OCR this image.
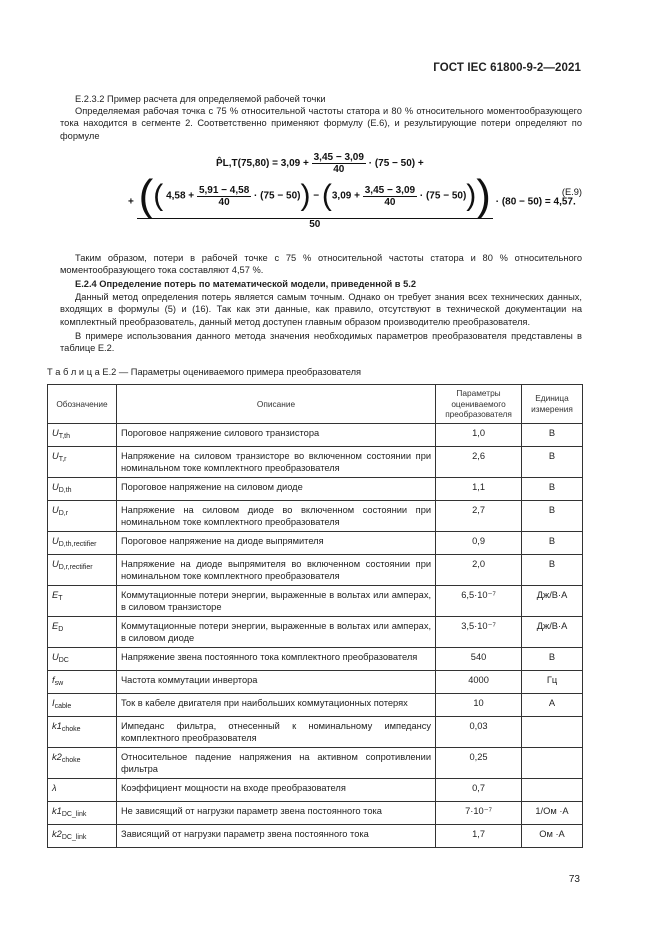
ГОСТ IEC 61800-9-2—2021
E.2.3.2 Пример расчета для определяемой рабочей точки
Определяемая рабочая точка с 75 % относительной частоты статора и 80 % относительного моментообразующего тока находится в сегменте 2. Соответственно применяют формулу (E.6), и результирующие потери определяют по формуле
P̂L,T(75,80) = $3,09 + \frac{3,45 - 3,09}{40} \cdot (75 - 50)$ +
+ (( $4,58 + \frac{5,91 - 4,58}{40} \cdot (75 - 50)) - (3,09 + \frac{3,45 - 3,09}{40} \cdot (75 - 50))$)
50
· (80 − 50) = 4,57.
(E.9)
Таким образом, потери в рабочей точке с 75 % относительной частоты статора и 80 % относительного моментообразующего тока составляют 4,57 %.
E.2.4 Определение потерь по математической модели, приведенной в 5.2
Данный метод определения потерь является самым точным. Однако он требует знания всех технических данных, входящих в формулы (5) и (16). Так как эти данные, как правило, отсутствуют в технической документации на комплектный преобразователь, данный метод доступен главным образом производителю преобразователя.
В примере использования данного метода значения необходимых параметров преобразователя представлены в таблице E.2.
Т а б л и ц а E.2 — Параметры оцениваемого примера преобразователя
Обозначение	Описание	Параметры оцениваемого преобразователя	Единица измерения
$U_{T,th}$	Пороговое напряжение силового транзистора	1,0	В
$U_{T,r}$	Напряжение на силовом транзисторе во включенном состоянии при номинальном токе комплектного преобразователя	2,6	В
$U_{D,th}$	Пороговое напряжение на силовом диоде	1,1	В
$U_{D,r}$	Напряжение на силовом диоде во включенном состоянии при номинальном токе комплектного преобразователя	2,7	В
$U_{D,th,rectifier}$	Пороговое напряжение на диоде выпрямителя	0,9	В
$U_{D,r,rectifier}$	Напряжение на диоде выпрямителя во включенном состоянии при номинальном токе комплектного преобразователя	2,0	В
$E_T$	Коммутационные потери энергии, выраженные в вольтах или амперах, в силовом транзисторе	6,5·10⁻⁷	Дж/В·А
$E_D$	Коммутационные потери энергии, выраженные в вольтах или амперах, в силовом диоде	3,5·10⁻⁷	Дж/В·А
$U_{DC}$	Напряжение звена постоянного тока комплектного преобразователя	540	В
$f_{sw}$	Частота коммутации инвертора	4000	Гц
$I_{cable}$	Ток в кабеле двигателя при наибольших коммутационных потерях	10	А
$k1_{choke}$	Импеданс фильтра, отнесенный к номинальному импедансу комплектного преобразователя	0,03	
$k2_{choke}$	Относительное падение напряжения на активном сопротивлении фильтра	0,25	
λ	Коэффициент мощности на входе преобразователя	0,7	
$k1_{DC\_link}$	Не зависящий от нагрузки параметр звена постоянного тока	7·10⁻⁷	1/Ом ·А
$k2_{DC\_link}$	Зависящий от нагрузки параметр звена постоянного тока	1,7	Ом ·А
73
